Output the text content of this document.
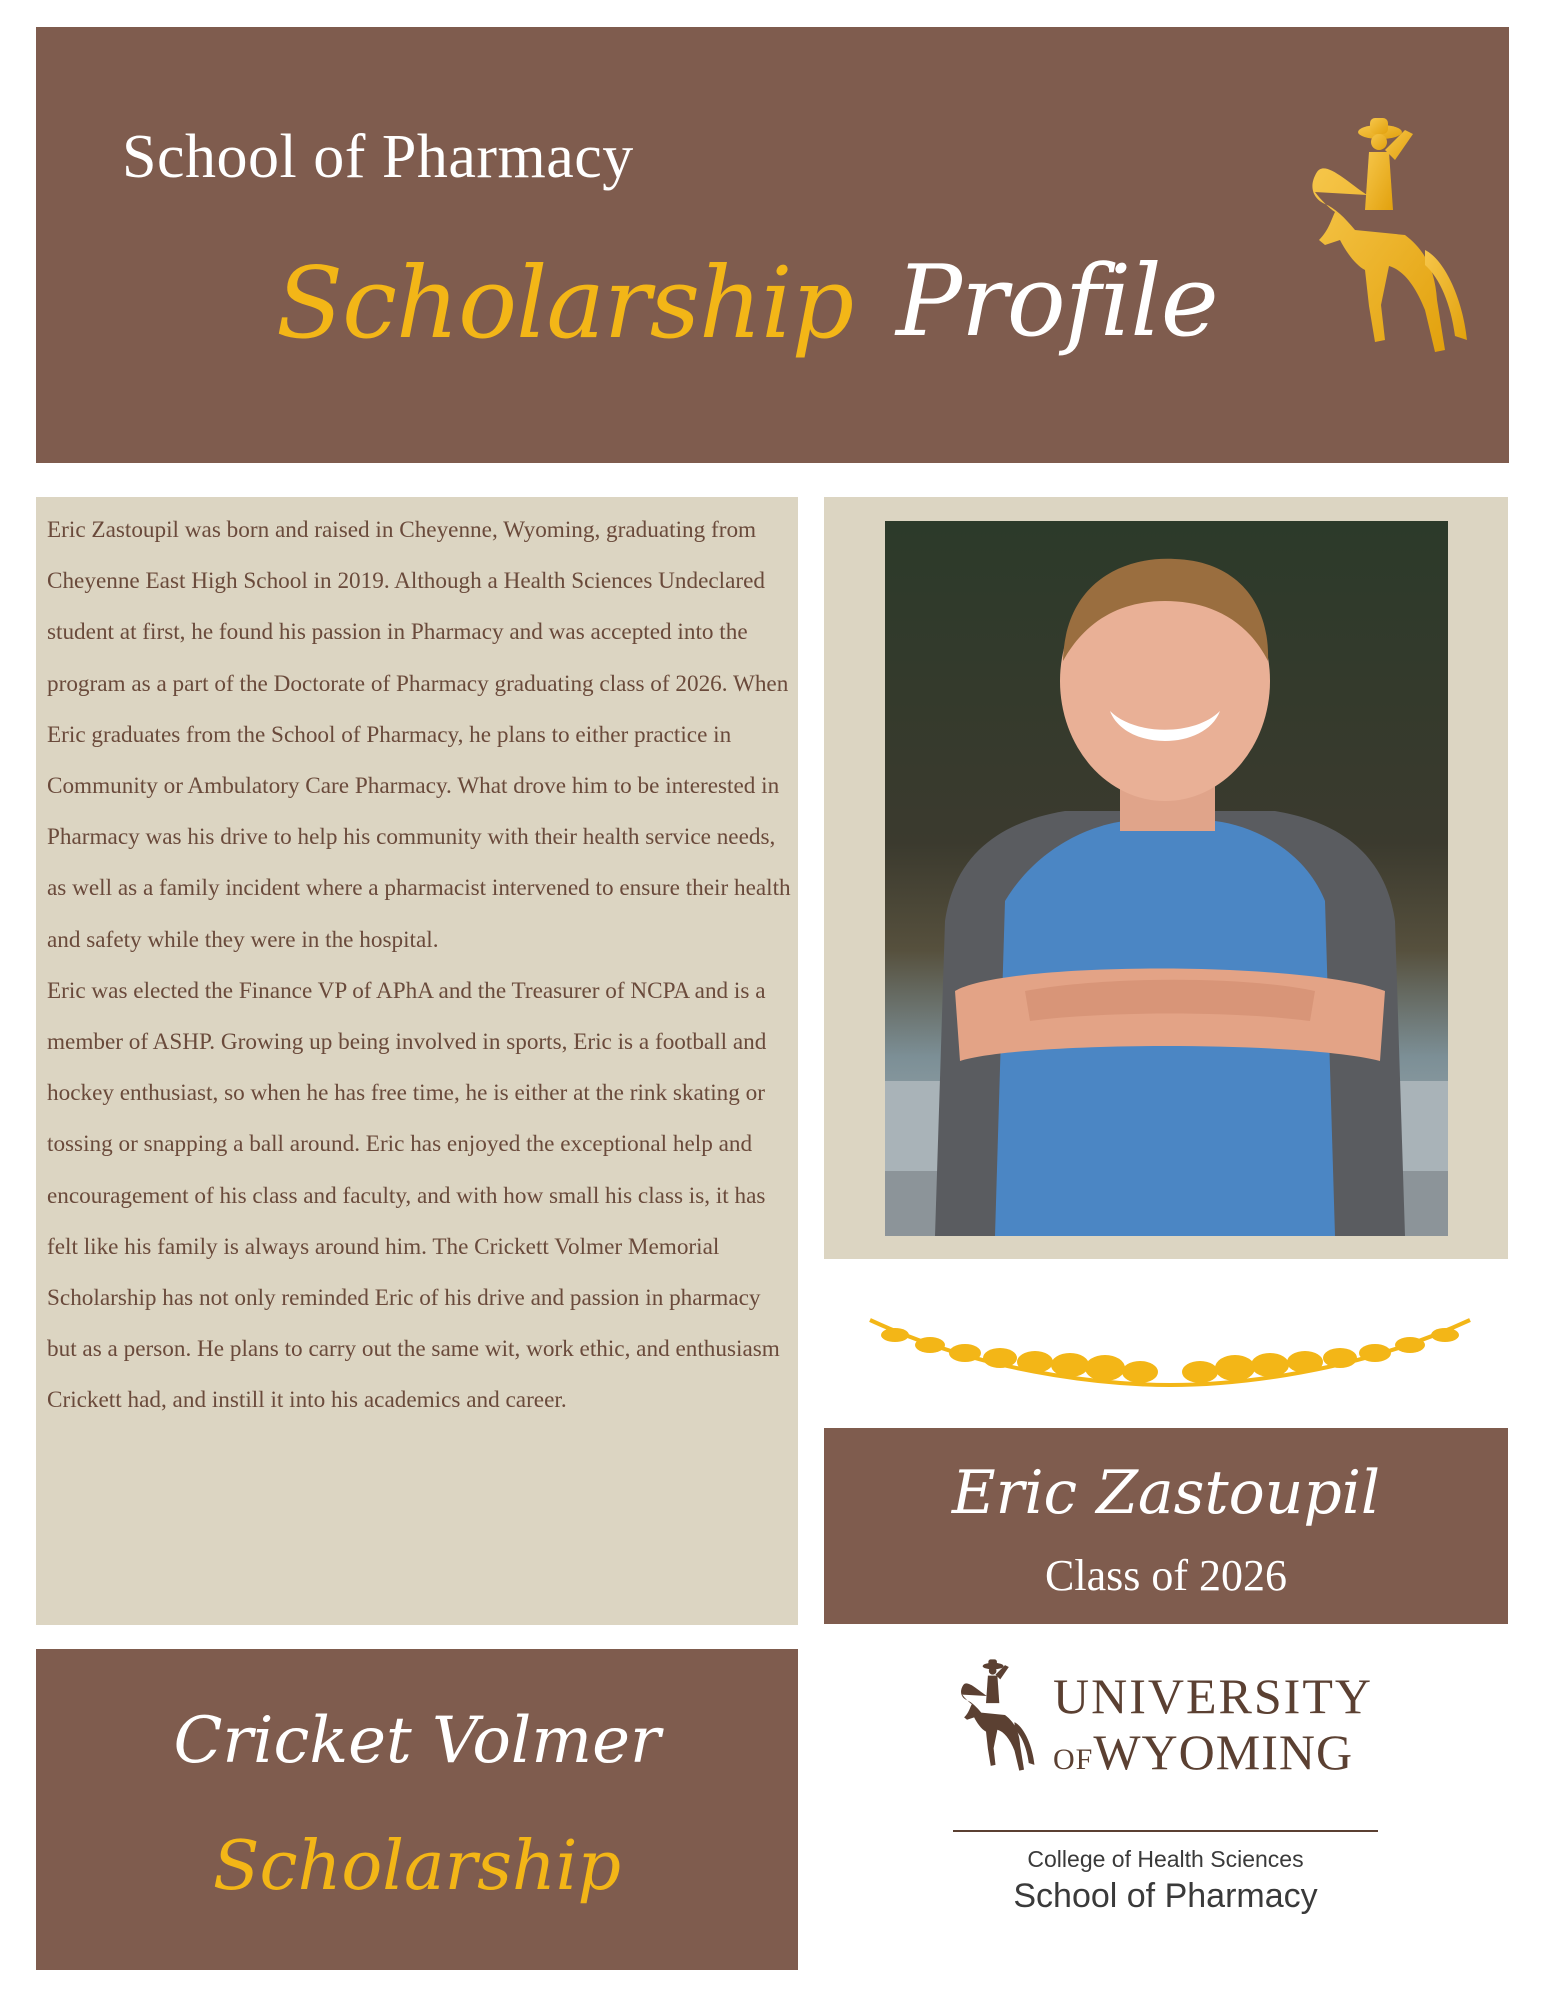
School of Pharmacy
Scholarship Profile

Eric Zastoupil was born and raised in Cheyenne, Wyoming, graduating from Cheyenne East High School in 2019. Although a Health Sciences Undeclared student at first, he found his passion in Pharmacy and was accepted into the program as a part of the Doctorate of Pharmacy graduating class of 2026. When Eric graduates from the School of Pharmacy, he plans to either practice in Community or Ambulatory Care Pharmacy. What drove him to be interested in Pharmacy was his drive to help his community with their health service needs, as well as a family incident where a pharmacist intervened to ensure their health and safety while they were in the hospital.

Eric was elected the Finance VP of APhA and the Treasurer of NCPA and is a member of ASHP. Growing up being involved in sports, Eric is a football and hockey enthusiast, so when he has free time, he is either at the rink skating or tossing or snapping a ball around. Eric has enjoyed the exceptional help and encouragement of his class and faculty, and with how small his class is, it has felt like his family is always around him. The Crickett Volmer Memorial Scholarship has not only reminded Eric of his drive and passion in pharmacy but as a person. He plans to carry out the same wit, work ethic, and enthusiasm Crickett had, and instill it into his academics and career.

Eric Zastoupil
Class of 2026
Cricket Volmer
Scholarship
UNIVERSITY
OFWYOMING
College of Health Sciences
School of Pharmacy
